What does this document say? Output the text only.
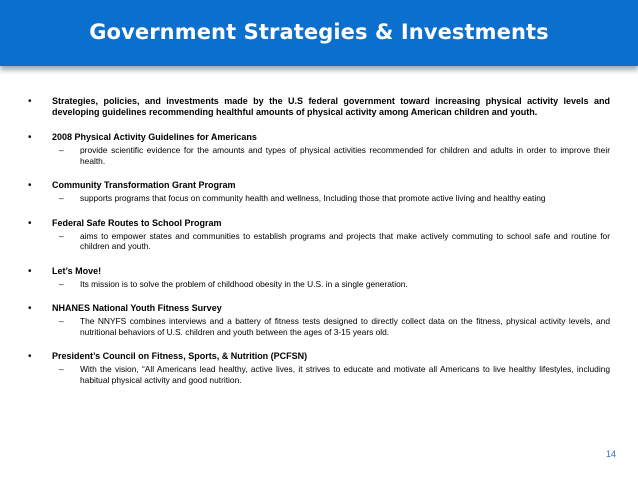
Government Strategies & Investments
• Strategies, policies, and investments made by the U.S federal government toward increasing physical activity levels and developing guidelines recommending healthful amounts of physical activity among American children and youth.
• 2008 Physical Activity Guidelines for Americans
– provide scientific evidence for the amounts and types of physical activities recommended for children and adults in order to improve their health.
• Community Transformation Grant Program
– supports programs that focus on community health and wellness, Including those that promote active living and healthy eating
• Federal Safe Routes to School Program
– aims to empower states and communities to establish programs and projects that make actively commuting to school safe and routine for children and youth.
• Let’s Move!
– Its mission is to solve the problem of childhood obesity in the U.S. in a single generation.
• NHANES National Youth Fitness Survey
– The NNYFS combines interviews and a battery of fitness tests designed to directly collect data on the fitness, physical activity levels, and nutritional behaviors of U.S. children and youth between the ages of 3-15 years old.
• President’s Council on Fitness, Sports, & Nutrition (PCFSN)
– With the vision, “All Americans lead healthy, active lives, it strives to educate and motivate all Americans to live healthy lifestyles, including habitual physical activity and good nutrition.
14
